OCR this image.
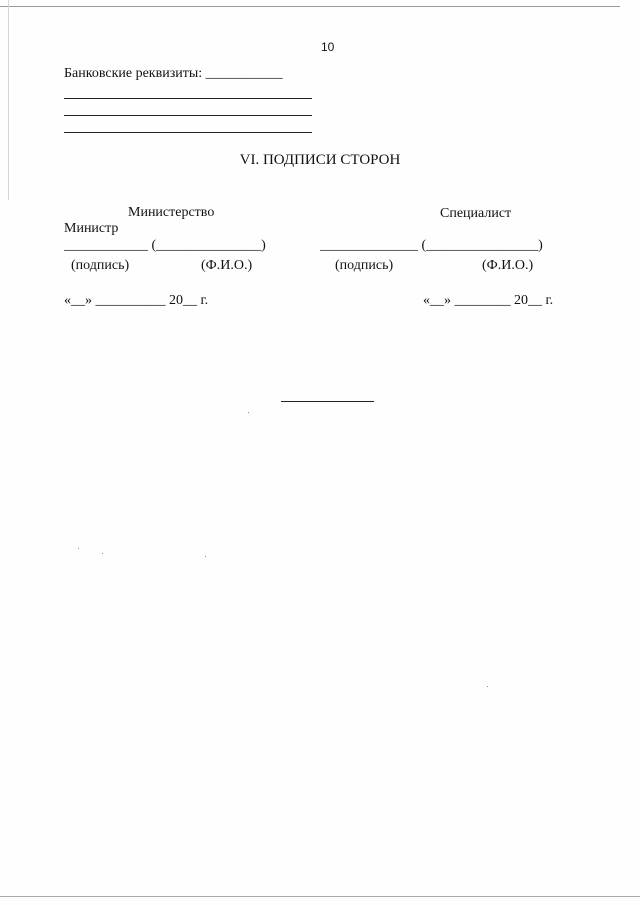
10
Банковские реквизиты: ___________
VI. ПОДПИСИ СТОРОН
Министерство
Министр
____________ (_______________)
(подпись)	(Ф.И.О.)
«__» __________ 20__ г.
Специалист
______________ (________________)
(подпись)	(Ф.И.О.)
«__» ________ 20__ г.
